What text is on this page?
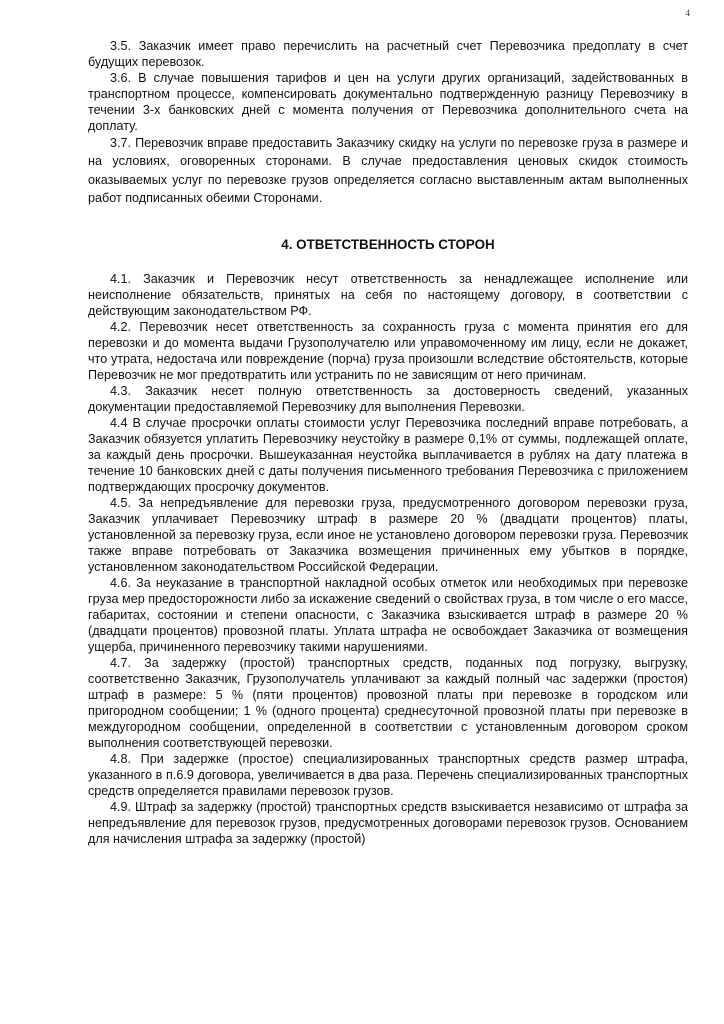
4

3.5. Заказчик имеет право перечислить на расчетный счет Перевозчика предоплату в счет будущих перевозок.

3.6. В случае повышения тарифов и цен на услуги других организаций, задействованных в транспортном процессе, компенсировать документально подтвержденную разницу Перевозчику в течении 3-х банковских дней с момента получения от Перевозчика дополнительного счета на доплату.

3.7. Перевозчик вправе предоставить Заказчику скидку на услуги по перевозке груза в размере и на условиях, оговоренных сторонами. В случае предоставления ценовых скидок стоимость оказываемых услуг по перевозке грузов определяется согласно выставленным актам выполненных работ подписанных обеими Сторонами.

4. ОТВЕТСТВЕННОСТЬ СТОРОН

4.1. Заказчик и Перевозчик несут ответственность за ненадлежащее исполнение или неисполнение обязательств, принятых на себя по настоящему договору, в соответствии с действующим законодательством РФ.

4.2. Перевозчик несет ответственность за сохранность груза с момента принятия его для перевозки и до момента выдачи Грузополучателю или управомоченному им лицу, если не докажет, что утрата, недостача или повреждение (порча) груза произошли вследствие обстоятельств, которые Перевозчик не мог предотвратить или устранить по не зависящим от него причинам.

4.3. Заказчик несет полную ответственность за достоверность сведений, указанных документации предоставляемой Перевозчику для выполнения Перевозки.

4.4 В случае просрочки оплаты стоимости услуг Перевозчика последний вправе потребовать, а Заказчик обязуется уплатить Перевозчику неустойку в размере 0,1% от суммы, подлежащей оплате, за каждый день просрочки. Вышеуказанная неустойка выплачивается в рублях на дату платежа в течение 10 банковских дней с даты получения письменного требования Перевозчика с приложением подтверждающих просрочку документов.

4.5. За непредъявление для перевозки груза, предусмотренного договором перевозки груза, Заказчик уплачивает Перевозчику штраф в размере 20 % (двадцати процентов) платы, установленной за перевозку груза, если иное не установлено договором перевозки груза. Перевозчик также вправе потребовать от Заказчика возмещения причиненных ему убытков в порядке, установленном законодательством Российской Федерации.

4.6. За неуказание в транспортной накладной особых отметок или необходимых при перевозке груза мер предосторожности либо за искажение сведений о свойствах груза, в том числе о его массе, габаритах, состоянии и степени опасности, с Заказчика взыскивается штраф в размере 20 % (двадцати процентов) провозной платы. Уплата штрафа не освобождает Заказчика от возмещения ущерба, причиненного перевозчику такими нарушениями.

4.7. За задержку (простой) транспортных средств, поданных под погрузку, выгрузку, соответственно Заказчик, Грузополучатель уплачивают за каждый полный час задержки (простоя) штраф в размере: 5 % (пяти процентов) провозной платы при перевозке в городском или пригородном сообщении; 1 % (одного процента) среднесуточной провозной платы при перевозке в междугородном сообщении, определенной в соответствии с установленным договором сроком выполнения соответствующей перевозки.

4.8. При задержке (простое) специализированных транспортных средств размер штрафа, указанного в п.6.9 договора, увеличивается в два раза. Перечень специализированных транспортных средств определяется правилами перевозок грузов.

4.9. Штраф за задержку (простой) транспортных средств взыскивается независимо от штрафа за непредъявление для перевозок грузов, предусмотренных договорами перевозок грузов. Основанием для начисления штрафа за задержку (простой)
